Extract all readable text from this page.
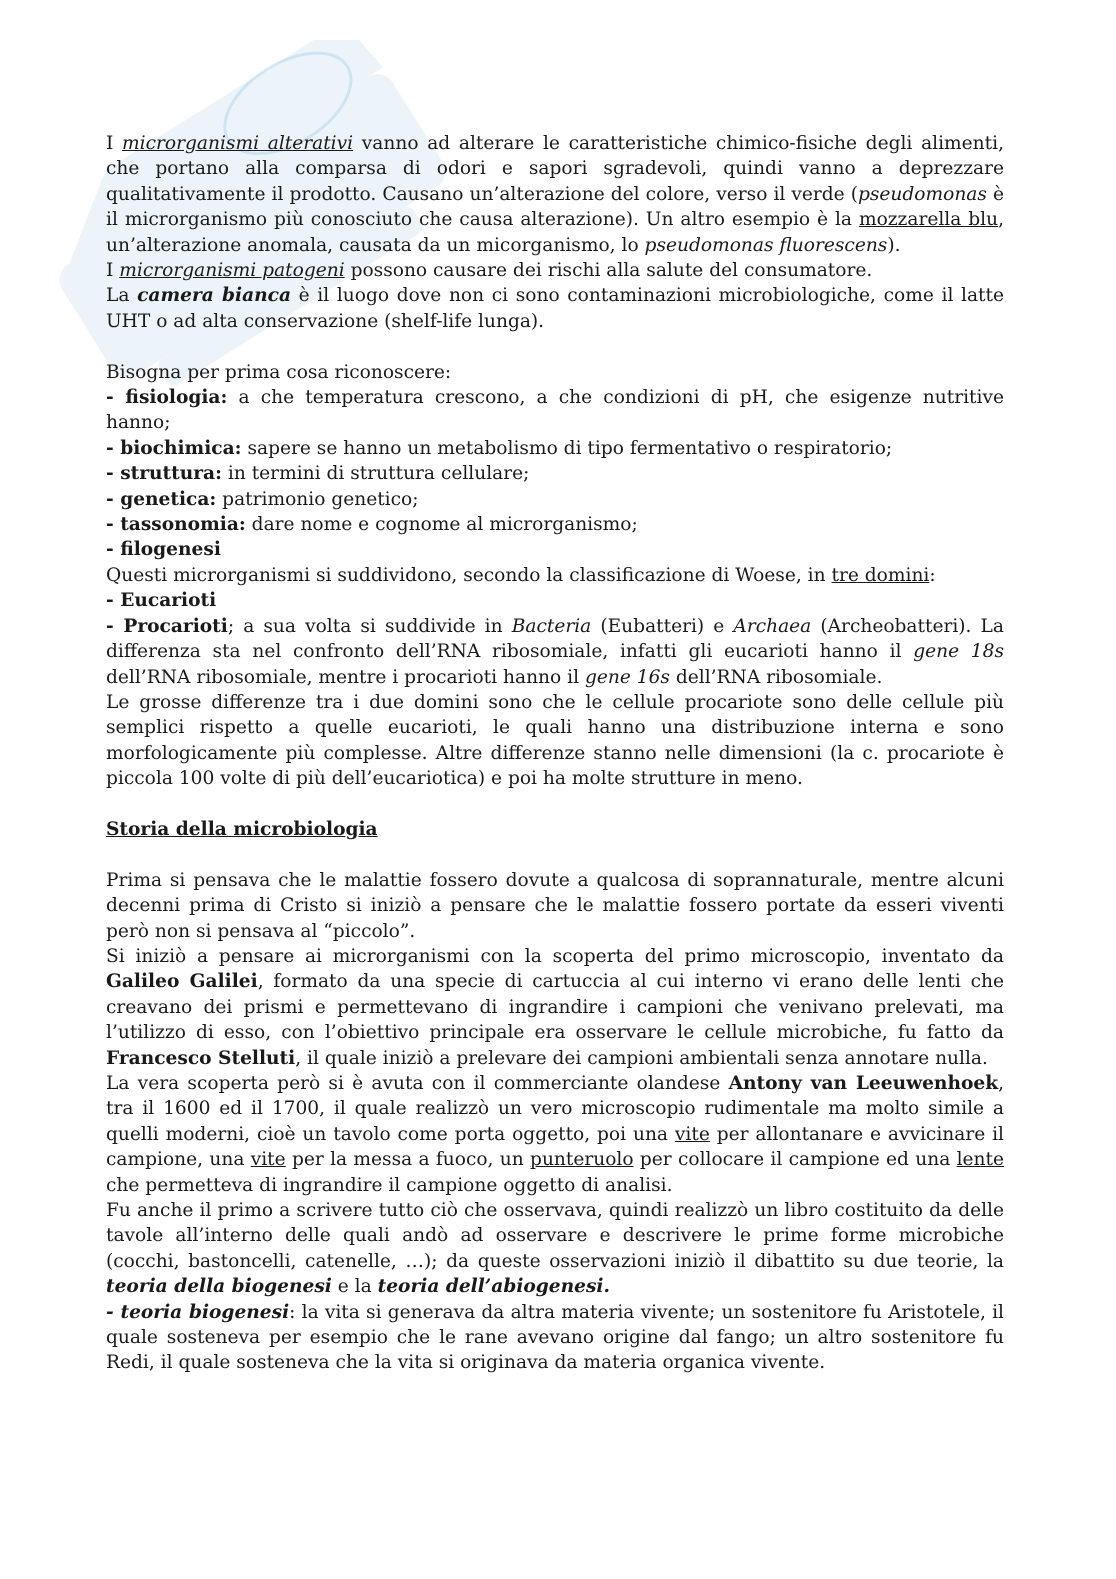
I microrganismi alterativi vanno ad alterare le caratteristiche chimico-fisiche degli alimenti, che portano alla comparsa di odori e sapori sgradevoli, quindi vanno a deprezzare qualitativamente il prodotto. Causano un’alterazione del colore, verso il verde (pseudomonas è il microrganismo più conosciuto che causa alterazione). Un altro esempio è la mozzarella blu, un’alterazione anomala, causata da un micorganismo, lo pseudomonas fluorescens).

I microrganismi patogeni possono causare dei rischi alla salute del consumatore.

La camera bianca è il luogo dove non ci sono contaminazioni microbiologiche, come il latte UHT o ad alta conservazione (shelf-life lunga).

Bisogna per prima cosa riconoscere:

- fisiologia: a che temperatura crescono, a che condizioni di pH, che esigenze nutritive hanno;

- biochimica: sapere se hanno un metabolismo di tipo fermentativo o respiratorio;

- struttura: in termini di struttura cellulare;

- genetica: patrimonio genetico;

- tassonomia: dare nome e cognome al microrganismo;

- filogenesi

Questi microrganismi si suddividono, secondo la classificazione di Woese, in tre domini:

- Eucarioti

- Procarioti; a sua volta si suddivide in Bacteria (Eubatteri) e Archaea (Archeobatteri). La differenza sta nel confronto dell’RNA ribosomiale, infatti gli eucarioti hanno il gene 18s dell’RNA ribosomiale, mentre i procarioti hanno il gene 16s dell’RNA ribosomiale.

Le grosse differenze tra i due domini sono che le cellule procariote sono delle cellule più semplici rispetto a quelle eucarioti, le quali hanno una distribuzione interna e sono morfologicamente più complesse. Altre differenze stanno nelle dimensioni (la c. procariote è piccola 100 volte di più dell’eucariotica) e poi ha molte strutture in meno.

Storia della microbiologia

Prima si pensava che le malattie fossero dovute a qualcosa di soprannaturale, mentre alcuni decenni prima di Cristo si iniziò a pensare che le malattie fossero portate da esseri viventi però non si pensava al “piccolo”.

Si iniziò a pensare ai microrganismi con la scoperta del primo microscopio, inventato da Galileo Galilei, formato da una specie di cartuccia al cui interno vi erano delle lenti che creavano dei prismi e permettevano di ingrandire i campioni che venivano prelevati, ma l’utilizzo di esso, con l’obiettivo principale era osservare le cellule microbiche, fu fatto da Francesco Stelluti, il quale iniziò a prelevare dei campioni ambientali senza annotare nulla.

La vera scoperta però si è avuta con il commerciante olandese Antony van Leeuwenhoek, tra il 1600 ed il 1700, il quale realizzò un vero microscopio rudimentale ma molto simile a quelli moderni, cioè un tavolo come porta oggetto, poi una vite per allontanare e avvicinare il campione, una vite per la messa a fuoco, un punteruolo per collocare il campione ed una lente che permetteva di ingrandire il campione oggetto di analisi.

Fu anche il primo a scrivere tutto ciò che osservava, quindi realizzò un libro costituito da delle tavole all’interno delle quali andò ad osservare e descrivere le prime forme microbiche (cocchi, bastoncelli, catenelle, …); da queste osservazioni iniziò il dibattito su due teorie, la teoria della biogenesi e la teoria dell’abiogenesi.

- teoria biogenesi: la vita si generava da altra materia vivente; un sostenitore fu Aristotele, il quale sosteneva per esempio che le rane avevano origine dal fango; un altro sostenitore fu Redi, il quale sosteneva che la vita si originava da materia organica vivente.
